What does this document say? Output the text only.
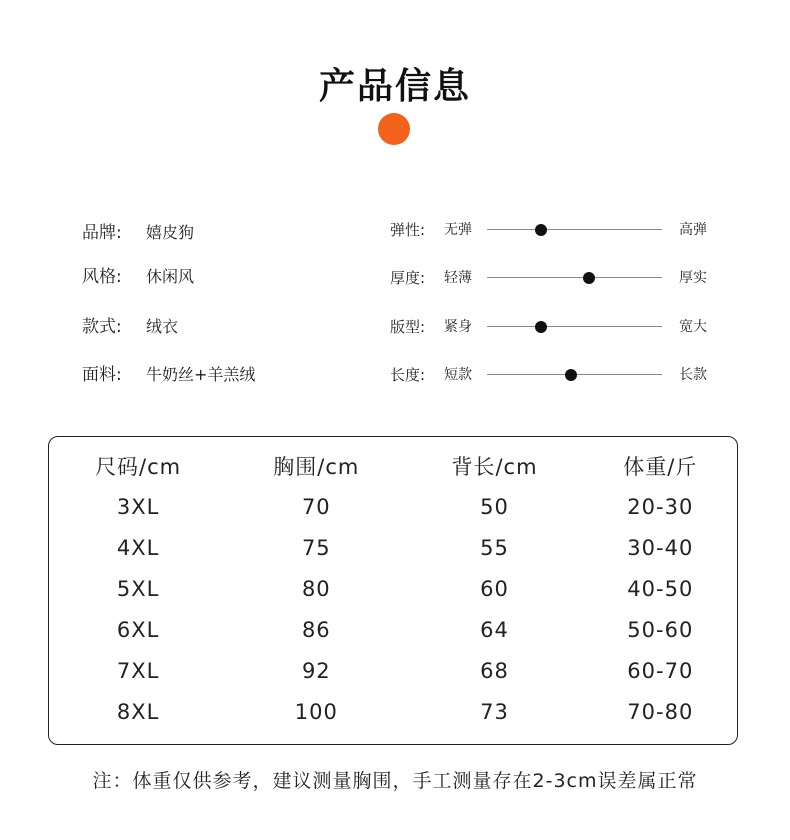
产品信息
品牌: 嬉皮狗
风格: 休闲风
款式: 绒衣
面料: 牛奶丝+羊羔绒
弹性: 无弹	高弹
厚度: 轻薄	厚实
版型: 紧身	宽大
长度: 短款	长款
尺码/cm	胸围/cm	背长/cm	体重/斤
3XL	70	50	20-30
4XL	75	55	30-40
5XL	80	60	40-50
6XL	86	64	50-60
7XL	92	68	60-70
8XL	100	73	70-80
注：体重仅供参考，建议测量胸围，手工测量存在2-3cm误差属正常
